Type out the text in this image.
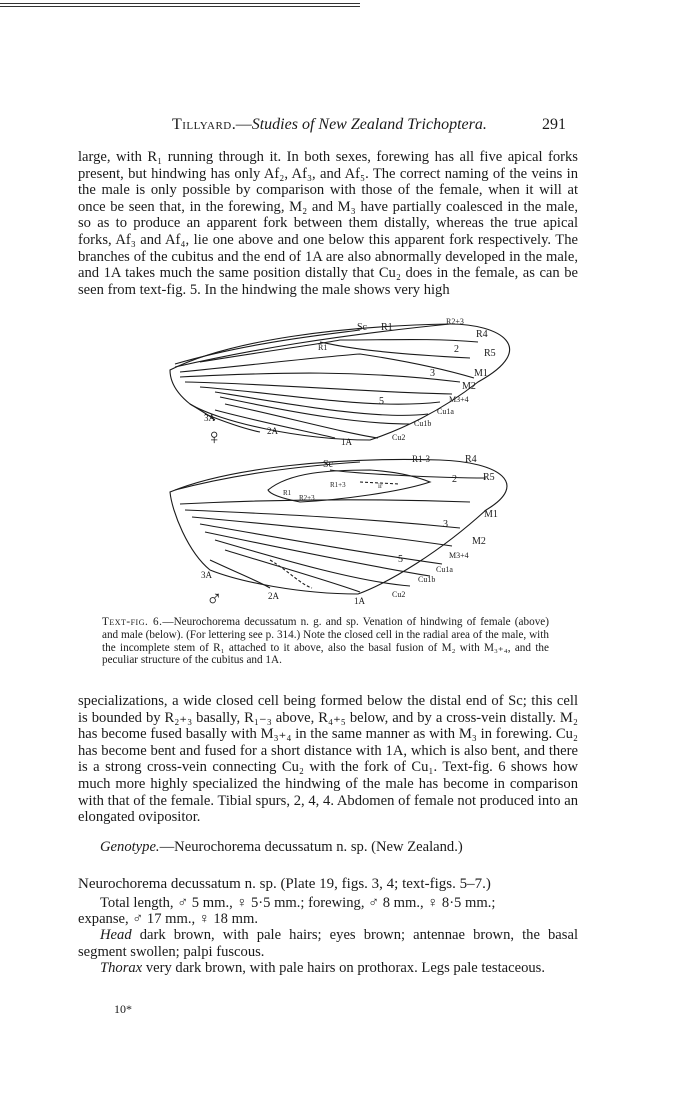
Tillyard.—Studies of New Zealand Trichoptera.	291
large, with R₁ running through it. In both sexes, forewing has all five apical forks present, but hindwing has only Af₂, Af₃, and Af₅. The correct naming of the veins in the male is only possible by comparison with those of the female, when it will at once be seen that, in the forewing, M₂ and M₃ have partially coalesced in the male, so as to produce an apparent fork between them distally, whereas the true apical forks, Af₃ and Af₄, lie one above and one below this apparent fork respectively. The branches of the cubitus and the end of 1A are also abnormally developed in the male, and 1A takes much the same position distally that Cu₂ does in the female, as can be seen from text-fig. 5. In the hindwing the male shows very high
Sc R1
R2+3
R4
R5
M1
M2
M3+4
Cu1a
Cu1b
Cu2
1A
2A
3A
R1	2
3
5
♀
Sc	R1-3	R4
R5
M1
M2
M3+4
Cu1a
Cu1b
Cu2
1A
2A
3A
R1
R2+3
R1+3	ir
2
3
5
♂
Text-fig. 6.—Neurochorema decussatum n. g. and sp. Venation of hindwing of female (above) and male (below). (For lettering see p. 314.) Note the closed cell in the radial area of the male, with the incomplete stem of R₁ attached to it above, also the basal fusion of M₂ with M₃₊₄, and the peculiar structure of the cubitus and 1A.
specializations, a wide closed cell being formed below the distal end of Sc; this cell is bounded by R₂₊₃ basally, R₁₋₃ above, R₄₊₅ below, and by a cross-vein distally. M₂ has become fused basally with M₃₊₄ in the same manner as with M₃ in forewing. Cu₂ has become bent and fused for a short distance with 1A, which is also bent, and there is a strong cross-vein connecting Cu₂ with the fork of Cu₁. Text-fig. 6 shows how much more highly specialized the hindwing of the male has become in comparison with that of the female. Tibial spurs, 2, 4, 4. Abdomen of female not produced into an elongated ovipositor.
Genotype.—Neurochorema decussatum n. sp. (New Zealand.)
Neurochorema decussatum n. sp. (Plate 19, figs. 3, 4; text-figs. 5–7.)
Total length, ♂ 5 mm., ♀ 5·5 mm.; forewing, ♂ 8 mm., ♀ 8·5 mm.;
expanse, ♂ 17 mm., ♀ 18 mm.
Head dark brown, with pale hairs; eyes brown; antennae brown, the basal segment swollen; palpi fuscous.
Thorax very dark brown, with pale hairs on prothorax. Legs pale testaceous.
10*
